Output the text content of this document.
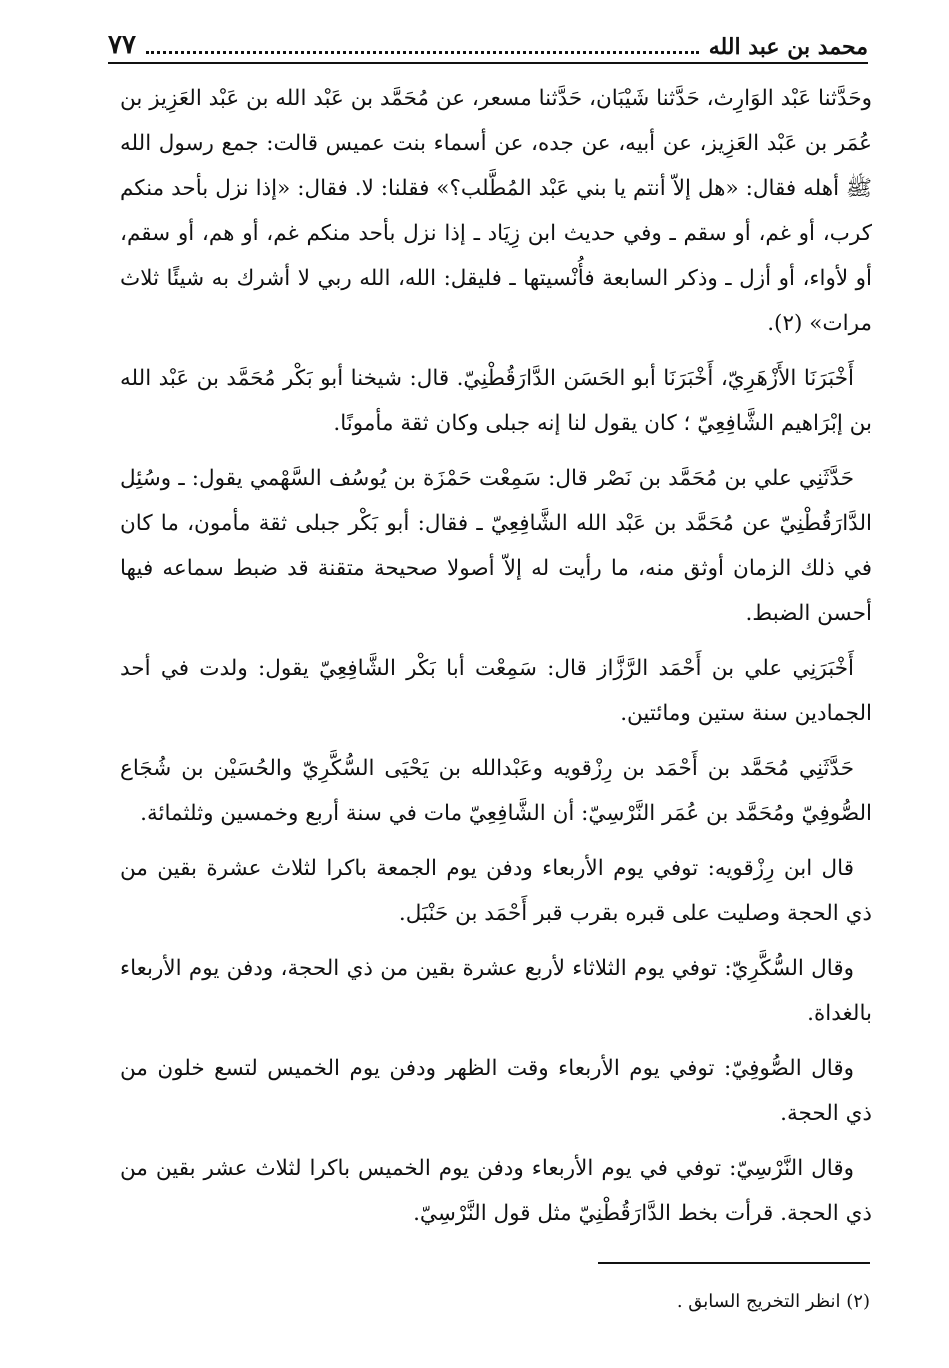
محمد بن عبد الله
٧٧

وحَدَّثنا عَبْد الوَارِث، حَدَّثنا شَيْبَان، حَدَّثنا مسعر، عن مُحَمَّد بن عَبْد الله بن عَبْد العَزِيز بن عُمَر بن عَبْد العَزِيز، عن أبيه، عن جده، عن أسماء بنت عميس قالت: جمع رسول الله ﷺ أهله فقال: «هل إلاّ أنتم يا بني عَبْد المُطَّلب؟» فقلنا: لا. فقال: «إذا نزل بأحد منكم كرب، أو غم، أو سقم ـ وفي حديث ابن زِيَاد ـ إذا نزل بأحد منكم غم، أو هم، أو سقم، أو لأواء، أو أزل ـ وذكر السابعة فأُنْسيتها ـ فليقل: الله، الله ربي لا أشرك به شيئًا ثلاث مرات» (٢).

أَخْبَرَنَا الأَزْهَرِيّ، أَخْبَرَنَا أبو الحَسَن الدَّارَقُطْنِيّ. قال: شيخنا أبو بَكْر مُحَمَّد بن عَبْد الله بن إبْرَاهيم الشَّافِعِيّ ؛ كان يقول لنا إنه جبلى وكان ثقة مأمونًا.

حَدَّثَنِي علي بن مُحَمَّد بن نَصْر قال: سَمِعْت حَمْزَة بن يُوسُف السَّهْمي يقول: ـ وسُئِل الدَّارَقُطْنِيّ عن مُحَمَّد بن عَبْد الله الشَّافِعِيّ ـ فقال: أبو بَكْر جبلى ثقة مأمون، ما كان في ذلك الزمان أوثق منه، ما رأيت له إلاّ أصولا صحيحة متقنة قد ضبط سماعه فيها أحسن الضبط.

أَخْبَرَنِي علي بن أَحْمَد الرَّزَّاز قال: سَمِعْت أبا بَكْر الشَّافِعِيّ يقول: ولدت في أحد الجمادين سنة ستين ومائتين.

حَدَّثَنِي مُحَمَّد بن أَحْمَد بن رِزْقويه وعَبْدالله بن يَحْيَى السُّكَّرِيّ والحُسَيْن بن شُجَاع الصُّوفِيّ ومُحَمَّد بن عُمَر النَّرْسِيّ: أن الشَّافِعِيّ مات في سنة أربع وخمسين وثلثمائة.

قال ابن رِزْقويه: توفي يوم الأربعاء ودفن يوم الجمعة باكرا لثلاث عشرة بقين من ذي الحجة وصليت على قبره بقرب قبر أَحْمَد بن حَنْبَل.

وقال السُّكَّرِيّ: توفي يوم الثلاثاء لأربع عشرة بقين من ذي الحجة، ودفن يوم الأربعاء بالغداة.

وقال الصُّوفِيّ: توفي يوم الأربعاء وقت الظهر ودفن يوم الخميس لتسع خلون من ذي الحجة.

وقال النَّرْسِيّ: توفي في يوم الأربعاء ودفن يوم الخميس باكرا لثلاث عشر بقين من ذي الحجة. قرأت بخط الدَّارَقُطْنِيّ مثل قول النَّرْسِيّ.

(٢) انظر التخريج السابق .
